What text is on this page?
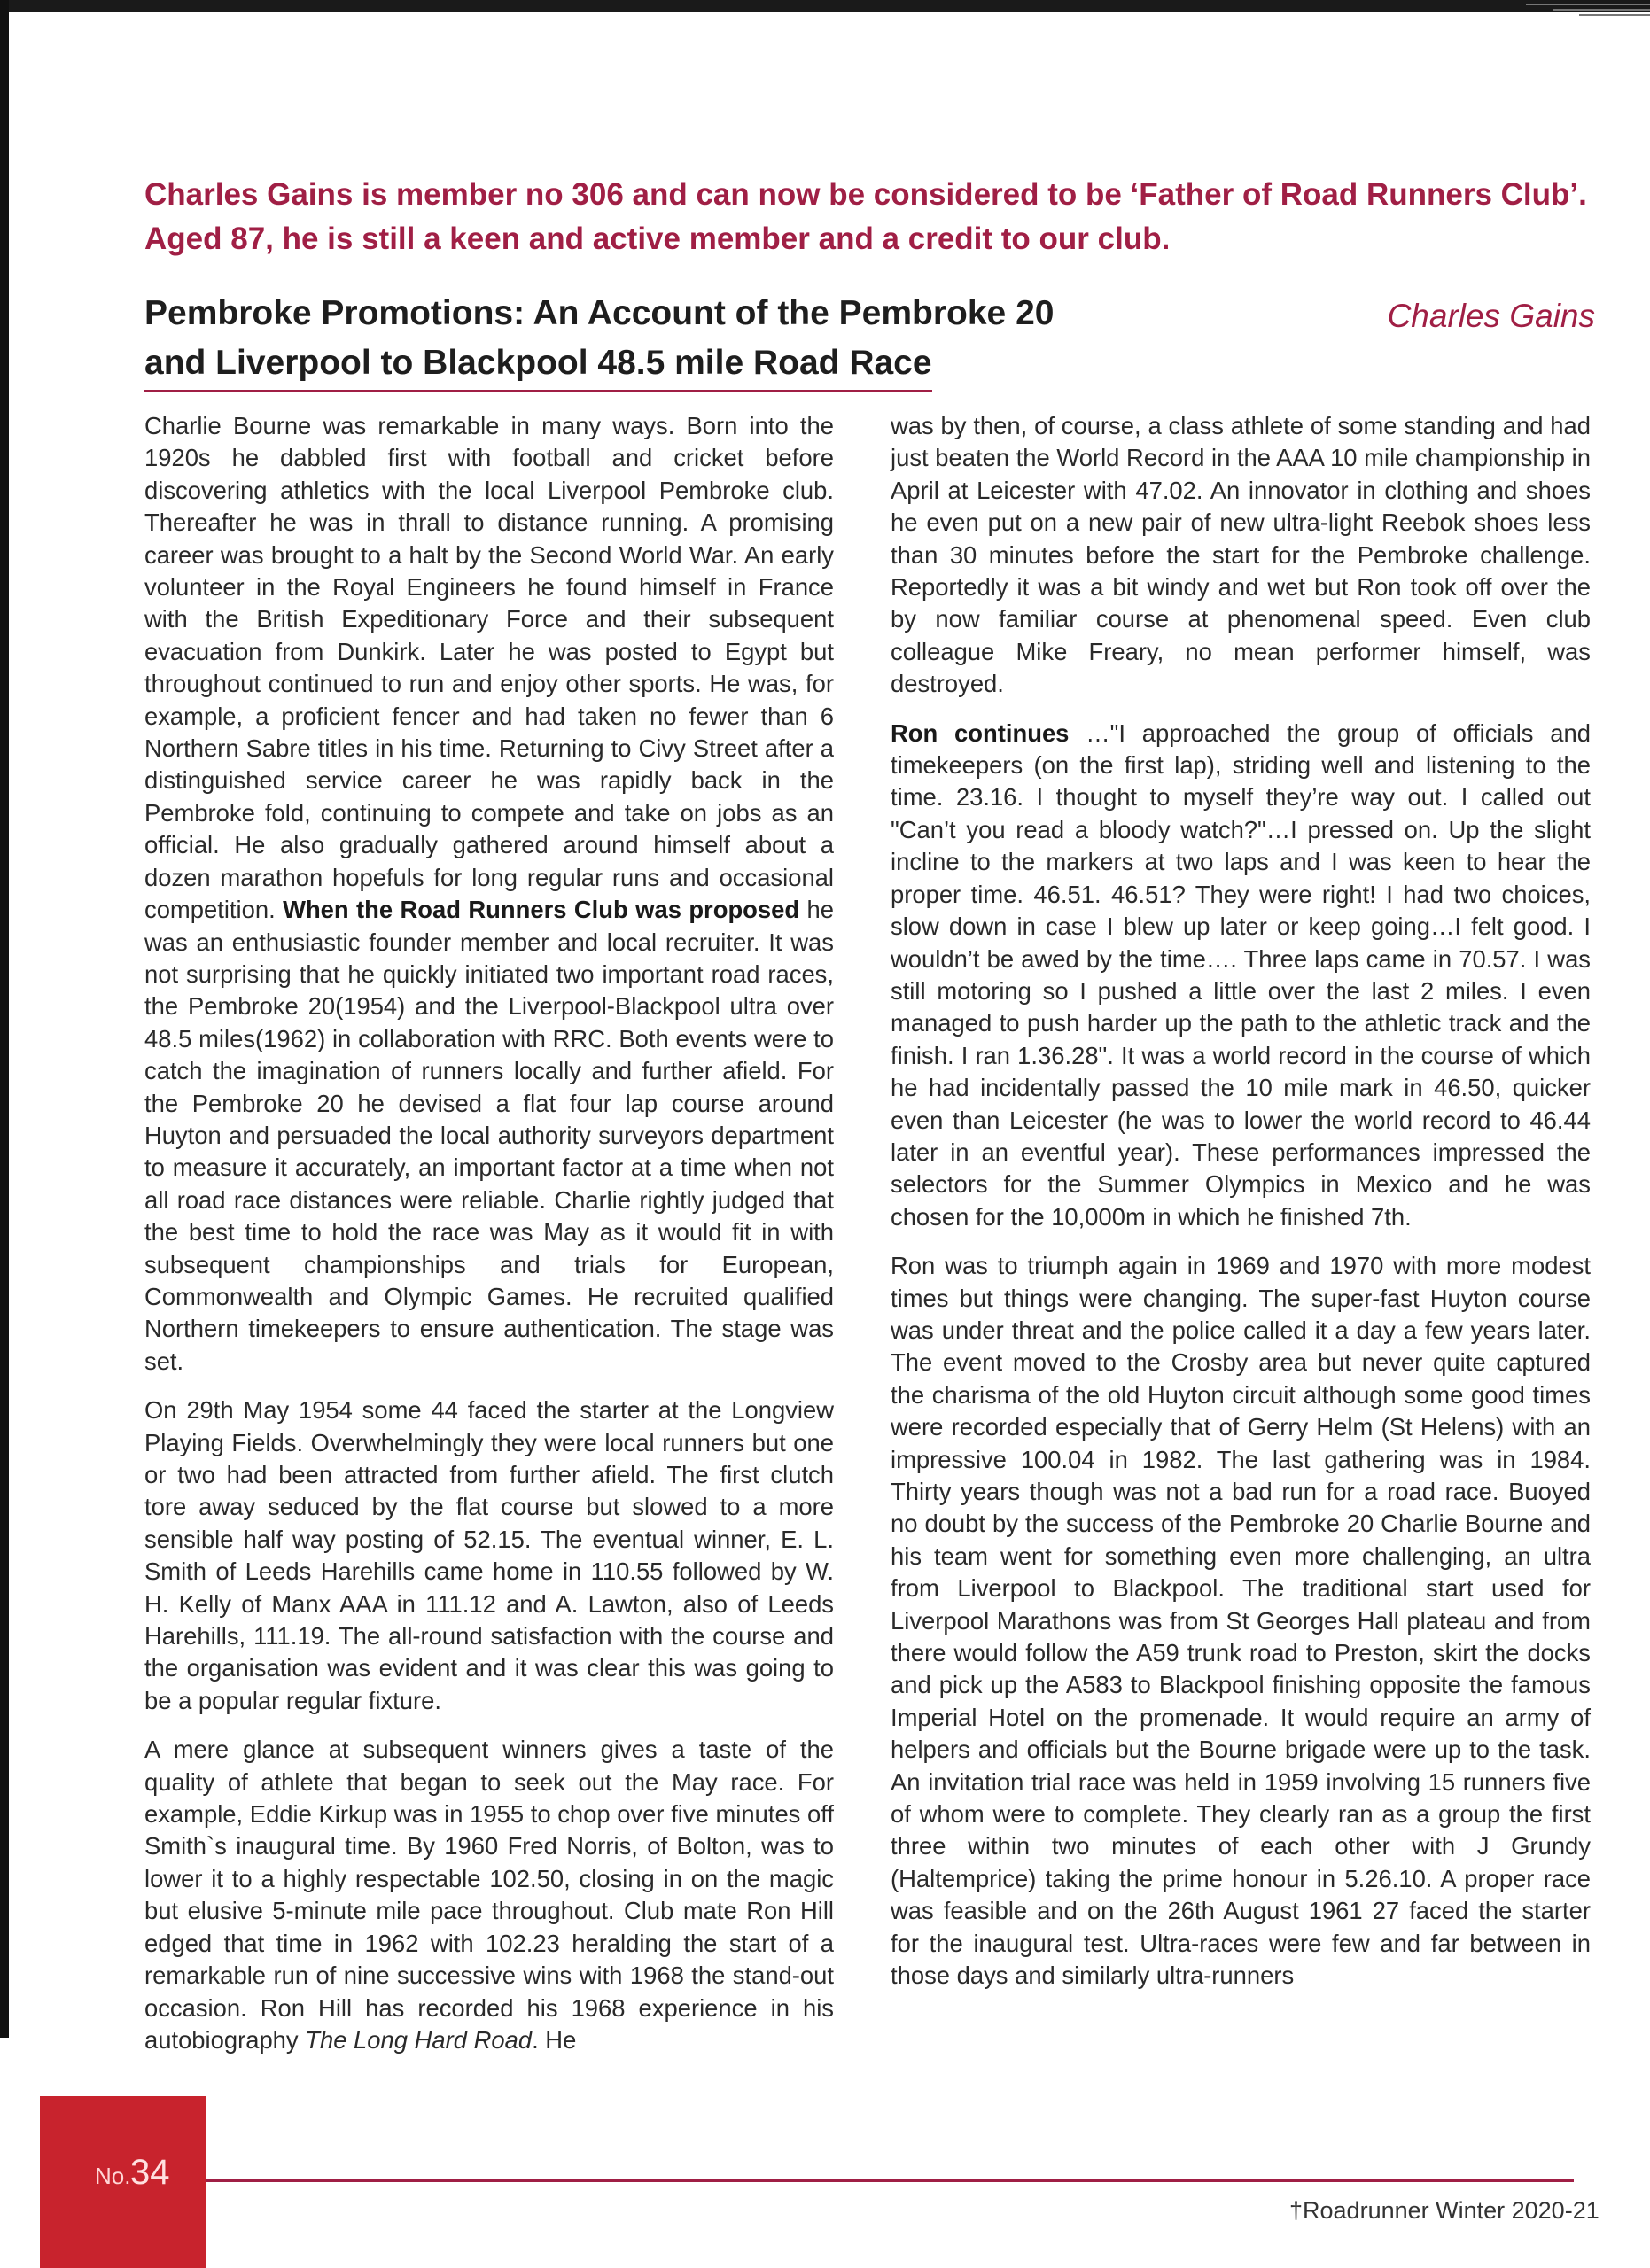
Charles Gains is member no 306 and can now be considered to be ‘Father of Road Runners Club’.

Aged 87, he is still a keen and active member and a credit to our club.

Pembroke Promotions: An Account of the Pembroke 20
and Liverpool to Blackpool 48.5 mile Road Race
Charles Gains

Charlie Bourne was remarkable in many ways. Born into the 1920s he dabbled first with football and cricket before discovering athletics with the local Liverpool Pembroke club. Thereafter he was in thrall to distance running. A promising career was brought to a halt by the Second World War. An early volunteer in the Royal Engineers he found himself in France with the British Expeditionary Force and their subsequent evacuation from Dunkirk. Later he was posted to Egypt but throughout continued to run and enjoy other sports. He was, for example, a proficient fencer and had taken no fewer than 6 Northern Sabre titles in his time. Returning to Civy Street after a distinguished service career he was rapidly back in the Pembroke fold, continuing to compete and take on jobs as an official. He also gradually gathered around himself about a dozen marathon hopefuls for long regular runs and occasional competition. When the Road Runners Club was proposed he was an enthusiastic founder member and local recruiter. It was not surprising that he quickly initiated two important road races, the Pembroke 20(1954) and the Liverpool-Blackpool ultra over 48.5 miles(1962) in collaboration with RRC. Both events were to catch the imagination of runners locally and further afield. For the Pembroke 20 he devised a flat four lap course around Huyton and persuaded the local authority surveyors department to measure it accurately, an important factor at a time when not all road race distances were reliable. Charlie rightly judged that the best time to hold the race was May as it would fit in with subsequent championships and trials for European, Commonwealth and Olympic Games. He recruited qualified Northern timekeepers to ensure authentication. The stage was set.

On 29th May 1954 some 44 faced the starter at the Longview Playing Fields. Overwhelmingly they were local runners but one or two had been attracted from further afield. The first clutch tore away seduced by the flat course but slowed to a more sensible half way posting of 52.15. The eventual winner, E. L. Smith of Leeds Harehills came home in 110.55 followed by W. H. Kelly of Manx AAA in 111.12 and A. Lawton, also of Leeds Harehills, 111.19. The all-round satisfaction with the course and the organisation was evident and it was clear this was going to be a popular regular fixture.

A mere glance at subsequent winners gives a taste of the quality of athlete that began to seek out the May race. For example, Eddie Kirkup was in 1955 to chop over five minutes off Smith`s inaugural time. By 1960 Fred Norris, of Bolton, was to lower it to a highly respectable 102.50, closing in on the magic but elusive 5-minute mile pace throughout. Club mate Ron Hill edged that time in 1962 with 102.23 heralding the start of a remarkable run of nine successive wins with 1968 the stand-out occasion. Ron Hill has recorded his 1968 experience in his autobiography The Long Hard Road. He

was by then, of course, a class athlete of some standing and had just beaten the World Record in the AAA 10 mile championship in April at Leicester with 47.02. An innovator in clothing and shoes he even put on a new pair of new ultra-light Reebok shoes less than 30 minutes before the start for the Pembroke challenge. Reportedly it was a bit windy and wet but Ron took off over the by now familiar course at phenomenal speed. Even club colleague Mike Freary, no mean performer himself, was destroyed.

Ron continues …"I approached the group of officials and timekeepers (on the first lap), striding well and listening to the time. 23.16. I thought to myself they’re way out. I called out "Can’t you read a bloody watch?"…I pressed on. Up the slight incline to the markers at two laps and I was keen to hear the proper time. 46.51. 46.51? They were right! I had two choices, slow down in case I blew up later or keep going…I felt good. I wouldn’t be awed by the time…. Three laps came in 70.57. I was still motoring so I pushed a little over the last 2 miles. I even managed to push harder up the path to the athletic track and the finish. I ran 1.36.28". It was a world record in the course of which he had incidentally passed the 10 mile mark in 46.50, quicker even than Leicester (he was to lower the world record to 46.44 later in an eventful year). These performances impressed the selectors for the Summer Olympics in Mexico and he was chosen for the 10,000m in which he finished 7th.

Ron was to triumph again in 1969 and 1970 with more modest times but things were changing. The super-fast Huyton course was under threat and the police called it a day a few years later. The event moved to the Crosby area but never quite captured the charisma of the old Huyton circuit although some good times were recorded especially that of Gerry Helm (St Helens) with an impressive 100.04 in 1982. The last gathering was in 1984. Thirty years though was not a bad run for a road race. Buoyed no doubt by the success of the Pembroke 20 Charlie Bourne and his team went for something even more challenging, an ultra from Liverpool to Blackpool. The traditional start used for Liverpool Marathons was from St Georges Hall plateau and from there would follow the A59 trunk road to Preston, skirt the docks and pick up the A583 to Blackpool finishing opposite the famous Imperial Hotel on the promenade. It would require an army of helpers and officials but the Bourne brigade were up to the task. An invitation trial race was held in 1959 involving 15 runners five of whom were to complete. They clearly ran as a group the first three within two minutes of each other with J Grundy (Haltemprice) taking the prime honour in 5.26.10. A proper race was feasible and on the 26th August 1961 27 faced the starter for the inaugural test. Ultra-races were few and far between in those days and similarly ultra-runners

No. 34
†Roadrunner Winter 2020-21
